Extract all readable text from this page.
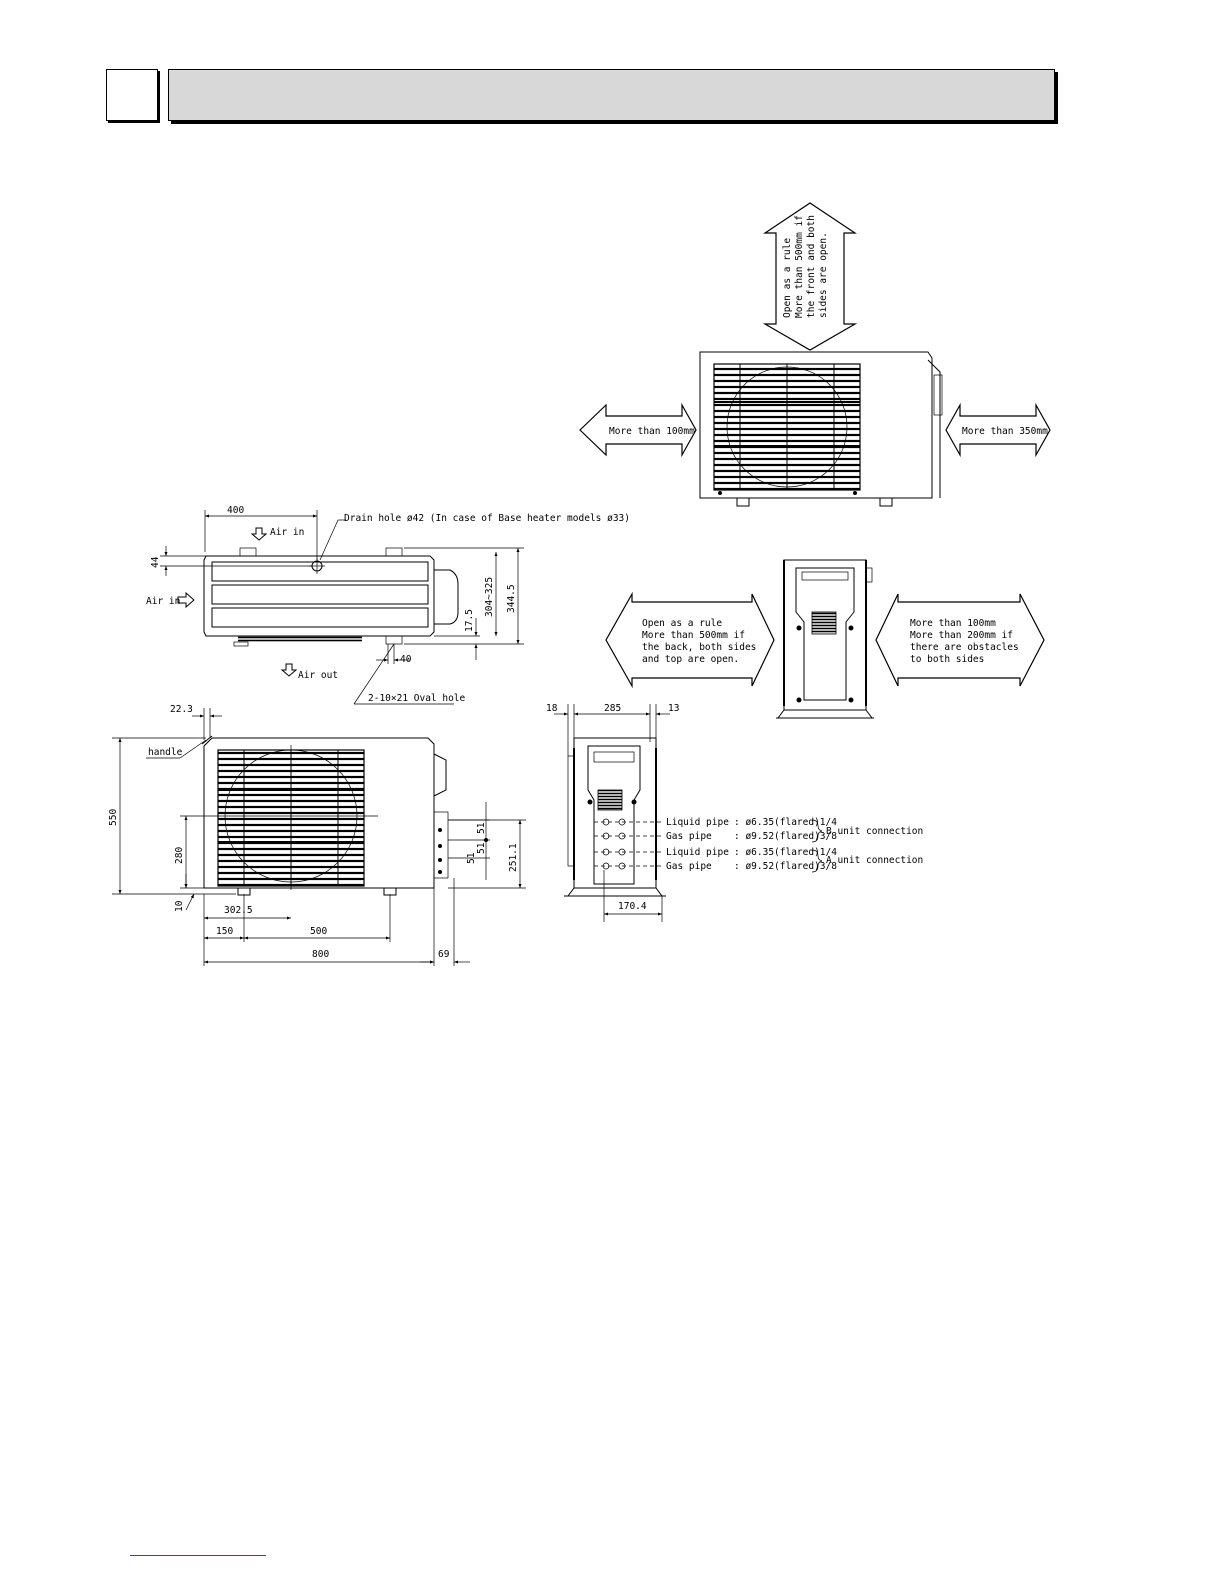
Open as a rule More than 500mm if the front and both sides are open.
More than 100mm	More than 350mm
Open as a rule
More than 500mm if
the back, both sides
and top are open.
More than 100mm
More than 200mm if
there are obstacles
to both sides
Air in
Air in
Air out
Drain hole ø42 (In case of Base heater models ø33)
2-10×21 Oval hole
400
44
344.5
304~325
17.5
40
handle
22.3
550
280
10	302.5
150	500
800	69
51
51
51	251.1
18	285	13
170.4
Liquid pipe : ø6.35(flared)1/4
Gas pipe : ø9.52(flared)3/8
Liquid pipe : ø6.35(flared)1/4
Gas pipe : ø9.52(flared)3/8
B unit connection
A unit connection
